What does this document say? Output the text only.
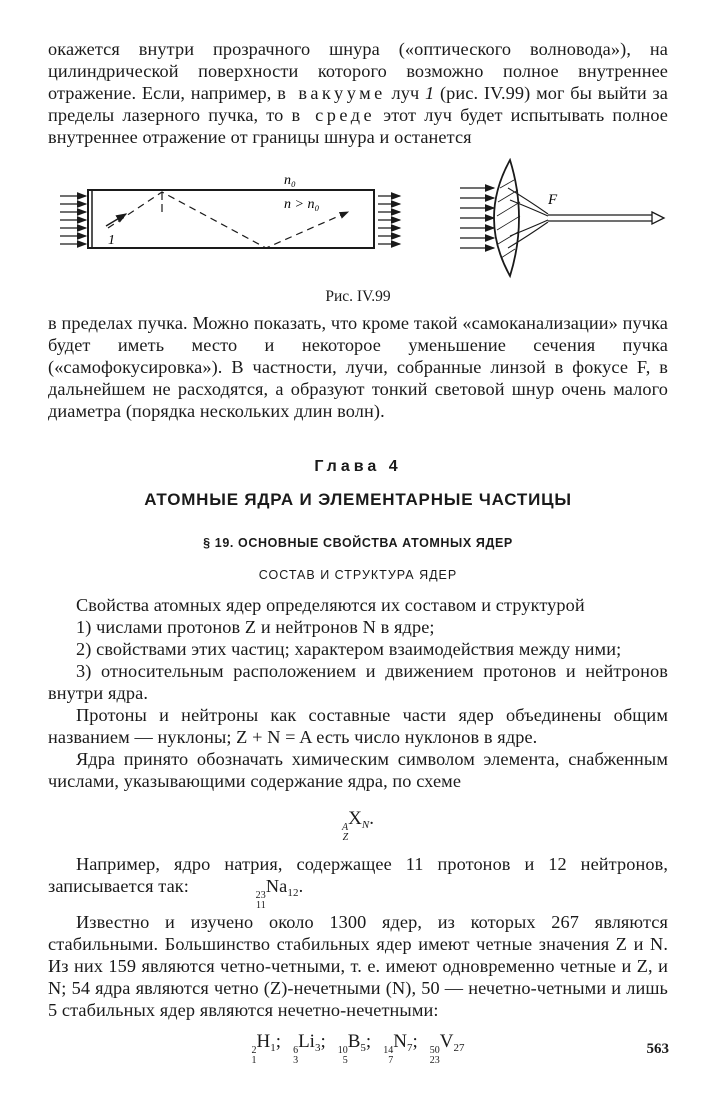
окажется внутри прозрачного шнура («оптического волновода»), на цилиндрической поверхности которого возможно полное внутреннее отражение. Если, например, в вакууме луч 1 (рис. IV.99) мог бы выйти за пределы лазерного пучка, то в среде этот луч будет испытывать полное внутреннее отражение от границы шнура и останется

1
n₀
n > n₀	F
Рис. IV.99

в пределах пучка. Можно показать, что кроме такой «самоканализации» пучка будет иметь место и некоторое уменьшение сечения пучка («самофокусировка»). В частности, лучи, собранные линзой в фокусе F, в дальнейшем не расходятся, а образуют тонкий световой шнур очень малого диаметра (порядка нескольких длин волн).

Глава 4
АТОМНЫЕ ЯДРА И ЭЛЕМЕНТАРНЫЕ ЧАСТИЦЫ
§ 19. ОСНОВНЫЕ СВОЙСТВА АТОМНЫХ ЯДЕР
СОСТАВ И СТРУКТУРА ЯДЕР

Свойства атомных ядер определяются их составом и структурой

1) числами протонов Z и нейтронов N в ядре;

2) свойствами этих частиц; характером взаимодействия между ними;

3) относительным расположением и движением протонов и нейтронов внутри ядра.

Протоны и нейтроны как составные части ядер объединены общим названием — нуклоны; Z + N = A есть число нуклонов в ядре.

Ядра принято обозначать химическим символом элемента, снабженным числами, указывающими содержание ядра, по схеме

A
Z
$X_N$.

Например, ядро натрия, содержащее 11 протонов и 12 нейтронов, записывается так:	23
11
$Na_{12}$.

Известно и изучено около 1300 ядер, из которых 267 являются стабильными. Большинство стабильных ядер имеют четные значения Z и N. Из них 159 являются четно-четными, т. е. имеют одновременно четные и Z, и N; 54 ядра являются четно (Z)-нечетными (N), 50 — нечетно-четными и лишь 5 стабильных ядер являются нечетно-нечетными:

2
1
$H_1$; 6
3
$Li_3$; 10
5
$B_5$; 14
7
$N_7$; 50
23
$V_{27}$	563
